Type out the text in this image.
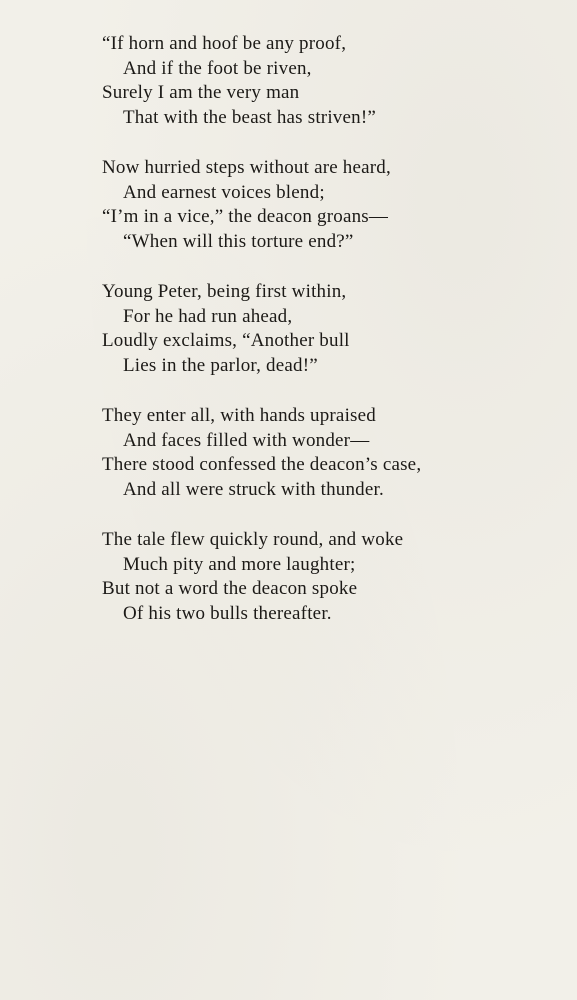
“If horn and hoof be any proof,
And if the foot be riven,
Surely I am the very man
That with the beast has striven!”
Now hurried steps without are heard,
And earnest voices blend;
“I’m in a vice,” the deacon groans—
“When will this torture end?”
Young Peter, being first within,
For he had run ahead,
Loudly exclaims, “Another bull
Lies in the parlor, dead!”
They enter all, with hands upraised
And faces filled with wonder—
There stood confessed the deacon’s case,
And all were struck with thunder.
The tale flew quickly round, and woke
Much pity and more laughter;
But not a word the deacon spoke
Of his two bulls thereafter.
